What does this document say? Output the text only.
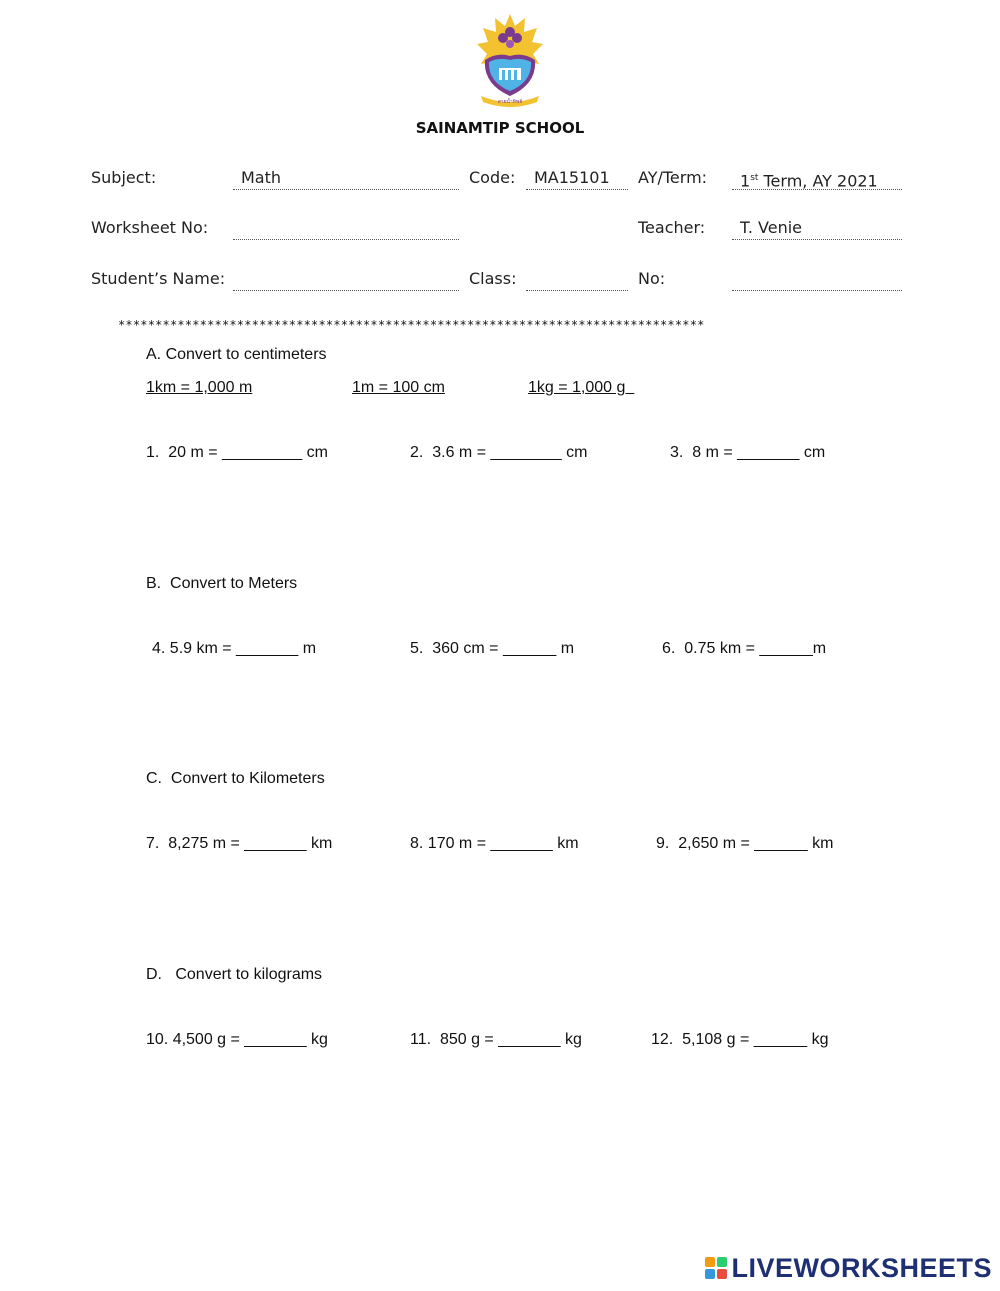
สายน้ำทิพย์
SAINAMTIP SCHOOL
Subject:	Math	Code:	MA15101	AY/Term:	1st Term, AY 2021
Worksheet No:	Teacher:	T. Venie
Student’s Name:	Class:	No:
*******************************************************************************
A. Convert to centimeters
1km = 1,000 m	1m = 100 cm	1kg = 1,000 g
1.  20 m = _________ cm	2.  3.6 m = ________ cm	3.  8 m = _______ cm
B.  Convert to Meters
4. 5.9 km = _______ m	5.  360 cm = ______ m	6.  0.75 km = ______m
C.  Convert to Kilometers
7.  8,275 m = _______ km	8. 170 m = _______ km	9.  2,650 m = ______ km
D.   Convert to kilograms
10. 4,500 g = _______ kg	11.  850 g = _______ kg	12.  5,108 g = ______ kg
LIVEWORKSHEETS
